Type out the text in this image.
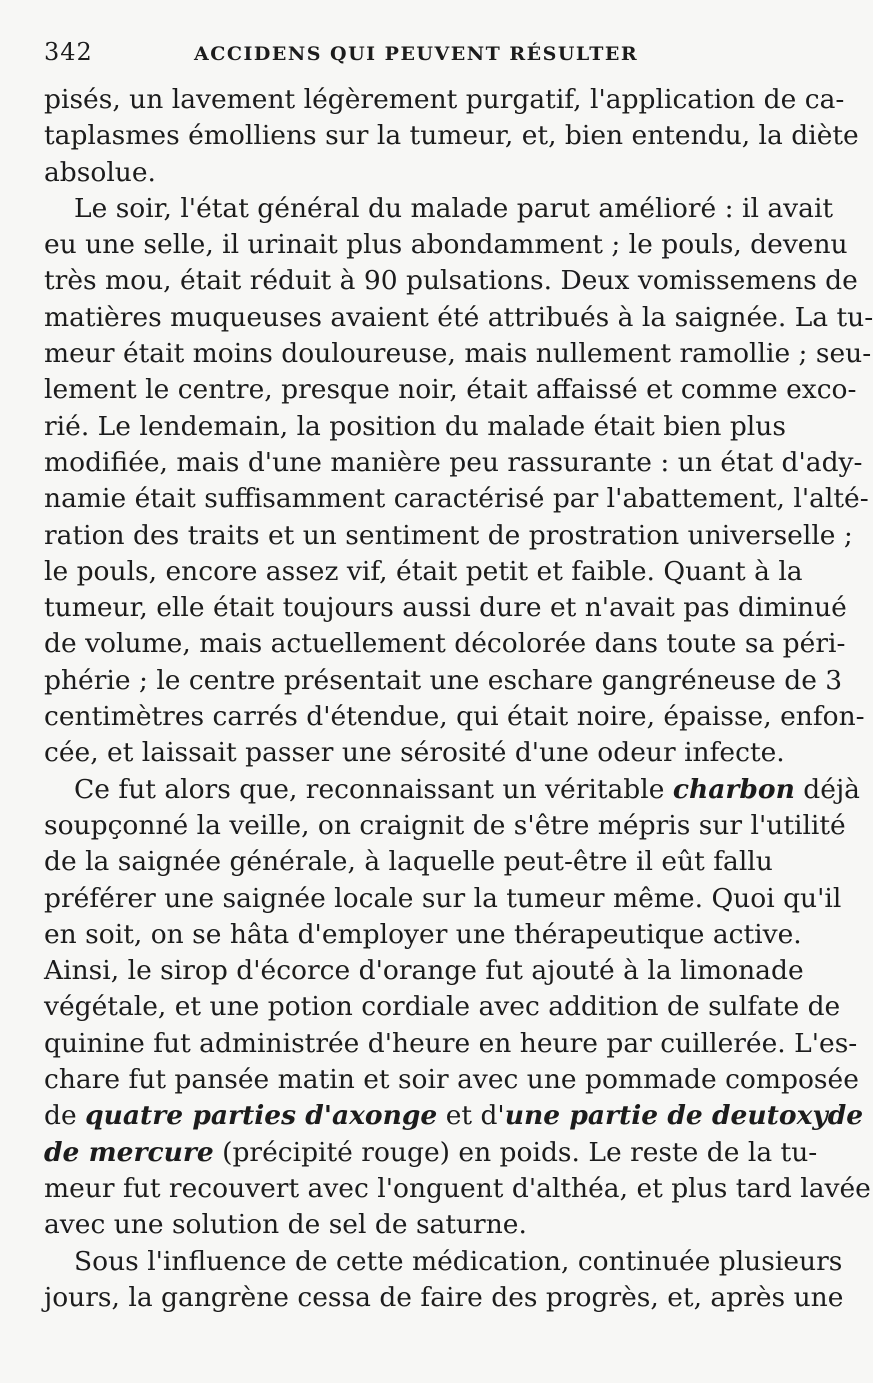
342	ACCIDENS QUI PEUVENT RÉSULTER
pisés, un lavement légèrement purgatif, l'application de ca-
taplasmes émolliens sur la tumeur, et, bien entendu, la diète
absolue.
Le soir, l'état général du malade parut amélioré : il avait
eu une selle, il urinait plus abondamment ; le pouls, devenu
très mou, était réduit à 90 pulsations. Deux vomissemens de
matières muqueuses avaient été attribués à la saignée. La tu-
meur était moins douloureuse, mais nullement ramollie ; seu-
lement le centre, presque noir, était affaissé et comme exco-
rié. Le lendemain, la position du malade était bien plus
modifiée, mais d'une manière peu rassurante : un état d'ady-
namie était suffisamment caractérisé par l'abattement, l'alté-
ration des traits et un sentiment de prostration universelle ;
le pouls, encore assez vif, était petit et faible. Quant à la
tumeur, elle était toujours aussi dure et n'avait pas diminué
de volume, mais actuellement décolorée dans toute sa péri-
phérie ; le centre présentait une eschare gangréneuse de 3
centimètres carrés d'étendue, qui était noire, épaisse, enfon-
cée, et laissait passer une sérosité d'une odeur infecte.
Ce fut alors que, reconnaissant un véritable charbon déjà
soupçonné la veille, on craignit de s'être mépris sur l'utilité
de la saignée générale, à laquelle peut-être il eût fallu
préférer une saignée locale sur la tumeur même. Quoi qu'il
en soit, on se hâta d'employer une thérapeutique active.
Ainsi, le sirop d'écorce d'orange fut ajouté à la limonade
végétale, et une potion cordiale avec addition de sulfate de
quinine fut administrée d'heure en heure par cuillerée. L'es-
chare fut pansée matin et soir avec une pommade composée
de quatre parties d'axonge et d'une partie de deutoxyde
de mercure (précipité rouge) en poids. Le reste de la tu-
meur fut recouvert avec l'onguent d'althéa, et plus tard lavée
avec une solution de sel de saturne.
Sous l'influence de cette médication, continuée plusieurs
jours, la gangrène cessa de faire des progrès, et, après une
